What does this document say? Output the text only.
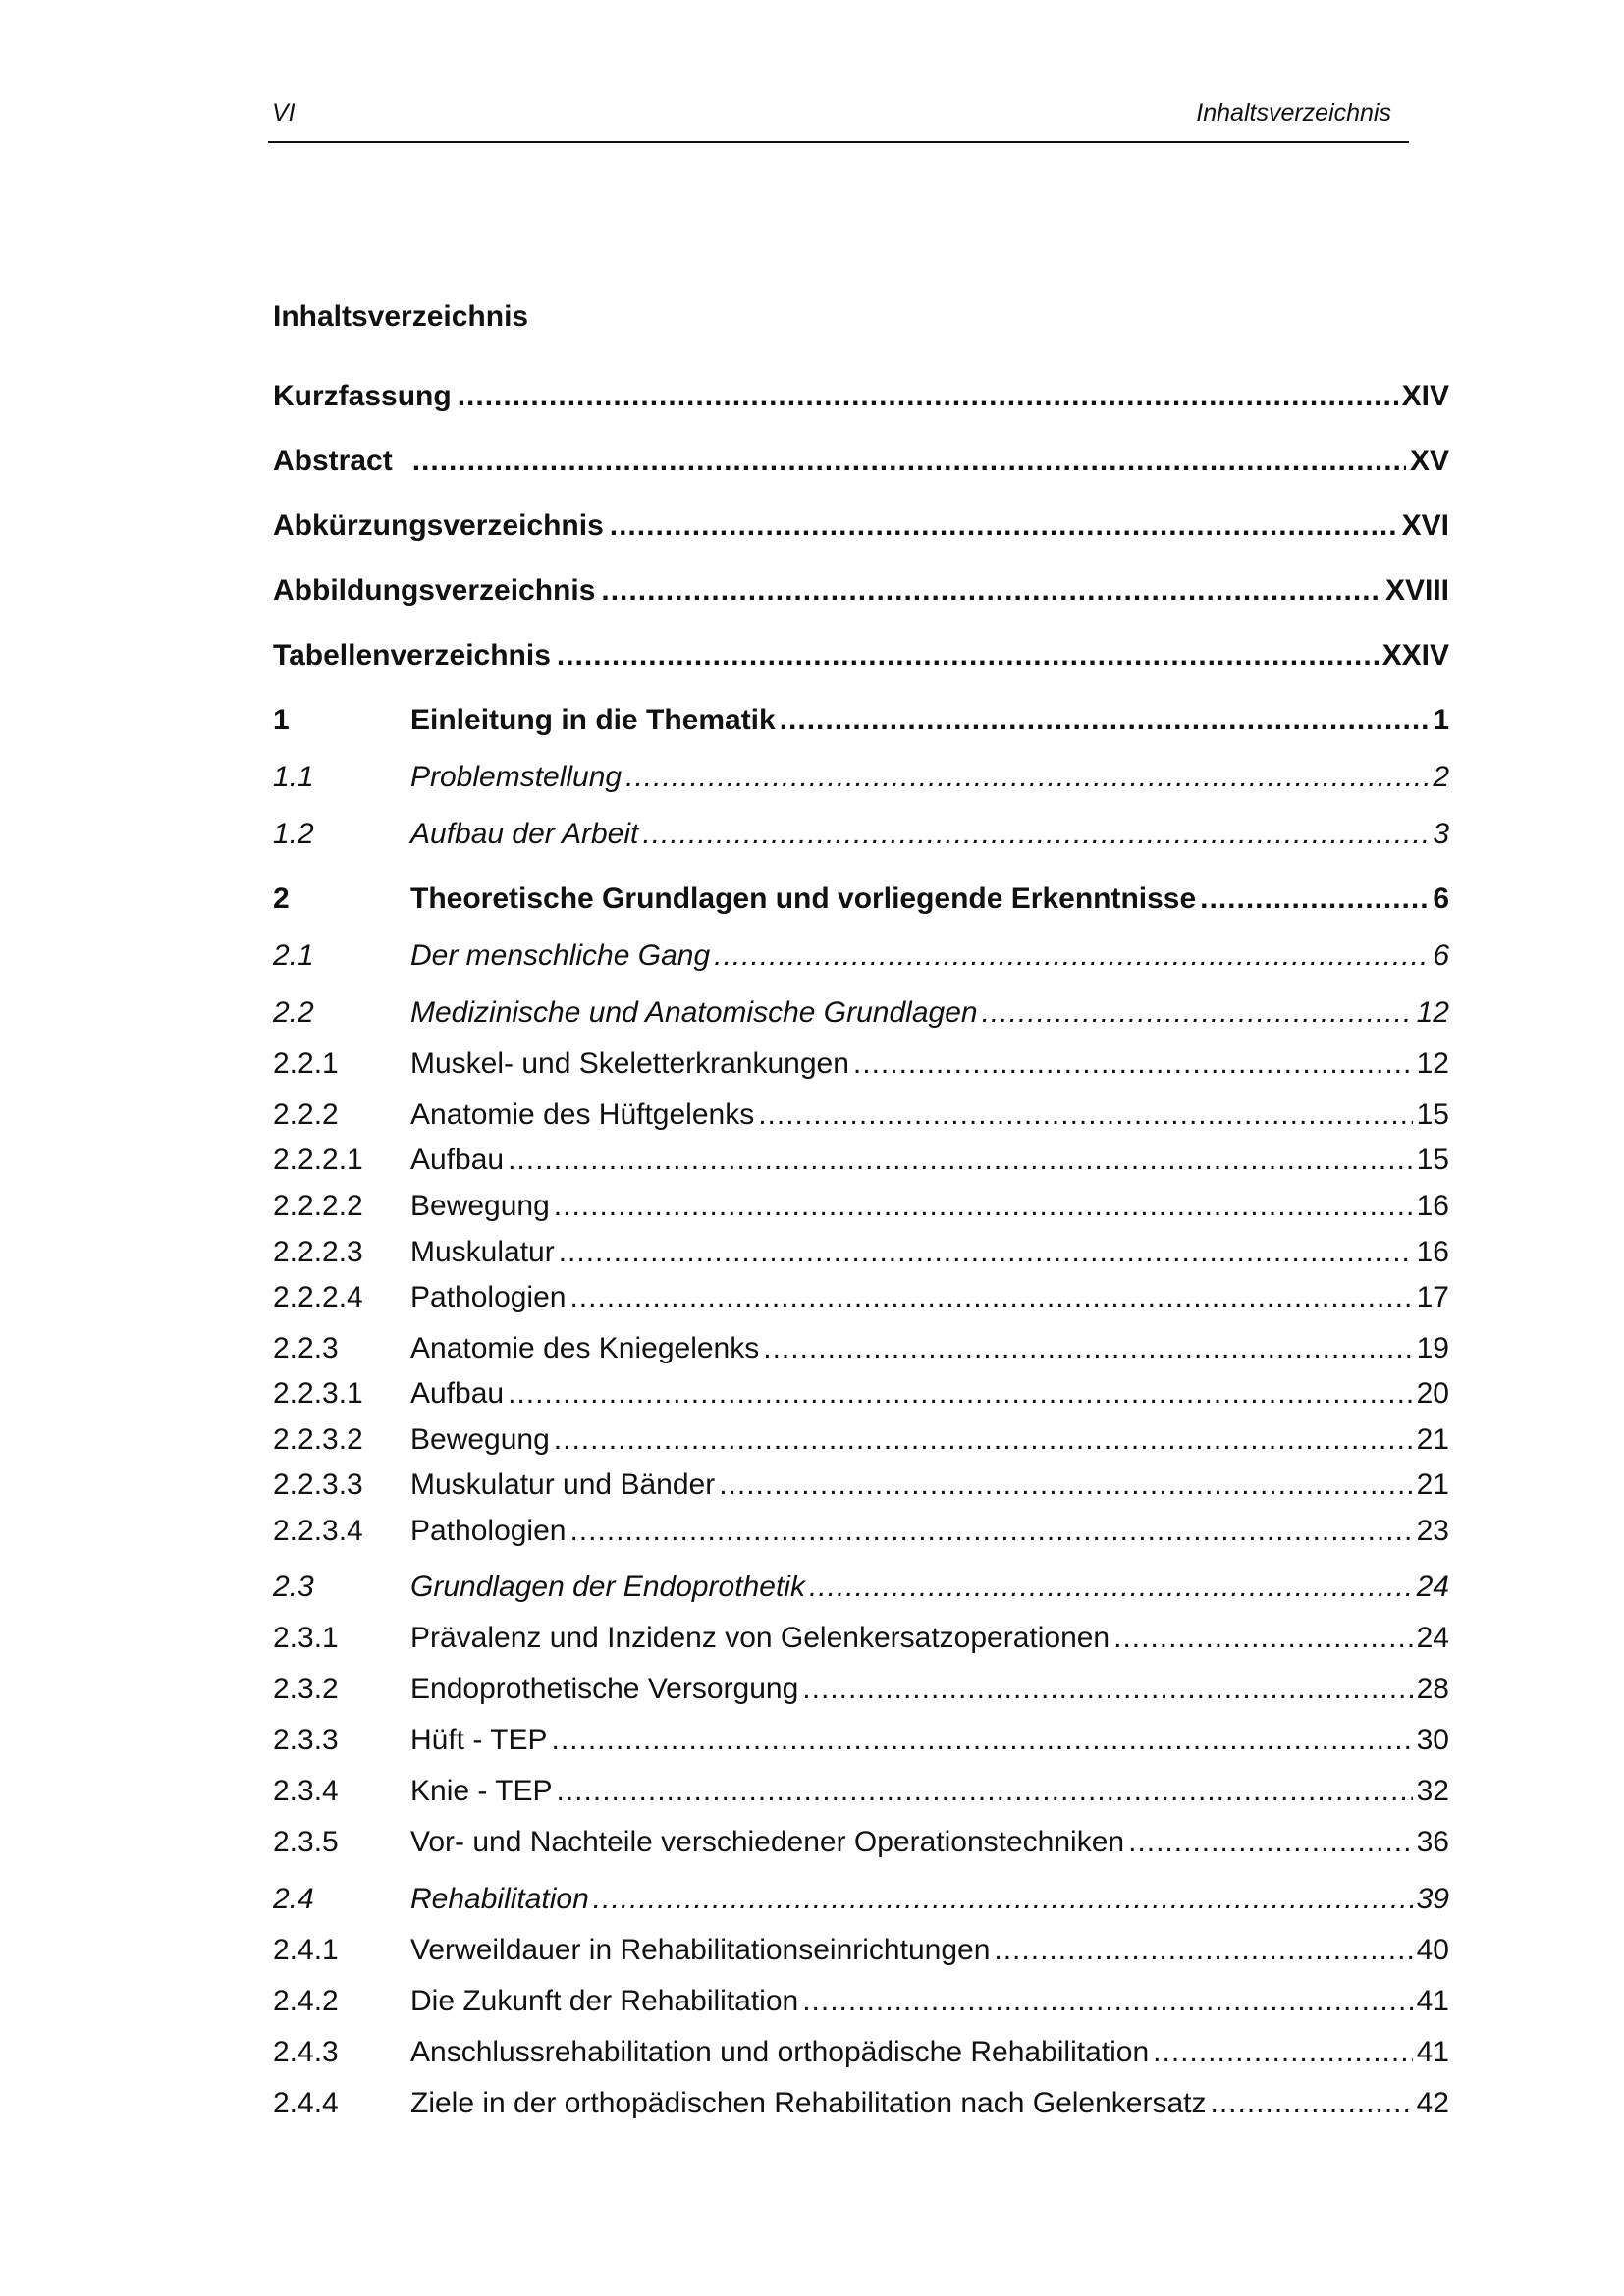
VI	Inhaltsverzeichnis
Inhaltsverzeichnis
Kurzfassung .....	XIV
Abstract .....	XV
Abkürzungsverzeichnis .....	XVI
Abbildungsverzeichnis .....	XVIII
Tabellenverzeichnis .....	XXIV
1	Einleitung in die Thematik .....	1
1.1	Problemstellung .....	2
1.2	Aufbau der Arbeit .....	3
2	Theoretische Grundlagen und vorliegende Erkenntnisse .....	6
2.1	Der menschliche Gang .....	6
2.2	Medizinische und Anatomische Grundlagen .....	12
2.2.1	Muskel- und Skeletterkrankungen .....	12
2.2.2	Anatomie des Hüftgelenks .....	15
2.2.2.1	Aufbau .....	15
2.2.2.2	Bewegung .....	16
2.2.2.3	Muskulatur .....	16
2.2.2.4	Pathologien .....	17
2.2.3	Anatomie des Kniegelenks .....	19
2.2.3.1	Aufbau .....	20
2.2.3.2	Bewegung .....	21
2.2.3.3	Muskulatur und Bänder .....	21
2.2.3.4	Pathologien .....	23
2.3	Grundlagen der Endoprothetik .....	24
2.3.1	Prävalenz und Inzidenz von Gelenkersatzoperationen .....	24
2.3.2	Endoprothetische Versorgung .....	28
2.3.3	Hüft - TEP .....	30
2.3.4	Knie - TEP .....	32
2.3.5	Vor- und Nachteile verschiedener Operationstechniken .....	36
2.4	Rehabilitation .....	39
2.4.1	Verweildauer in Rehabilitationseinrichtungen .....	40
2.4.2	Die Zukunft der Rehabilitation .....	41
2.4.3	Anschlussrehabilitation und orthopädische Rehabilitation .....	41
2.4.4	Ziele in der orthopädischen Rehabilitation nach Gelenkersatz .....	42
